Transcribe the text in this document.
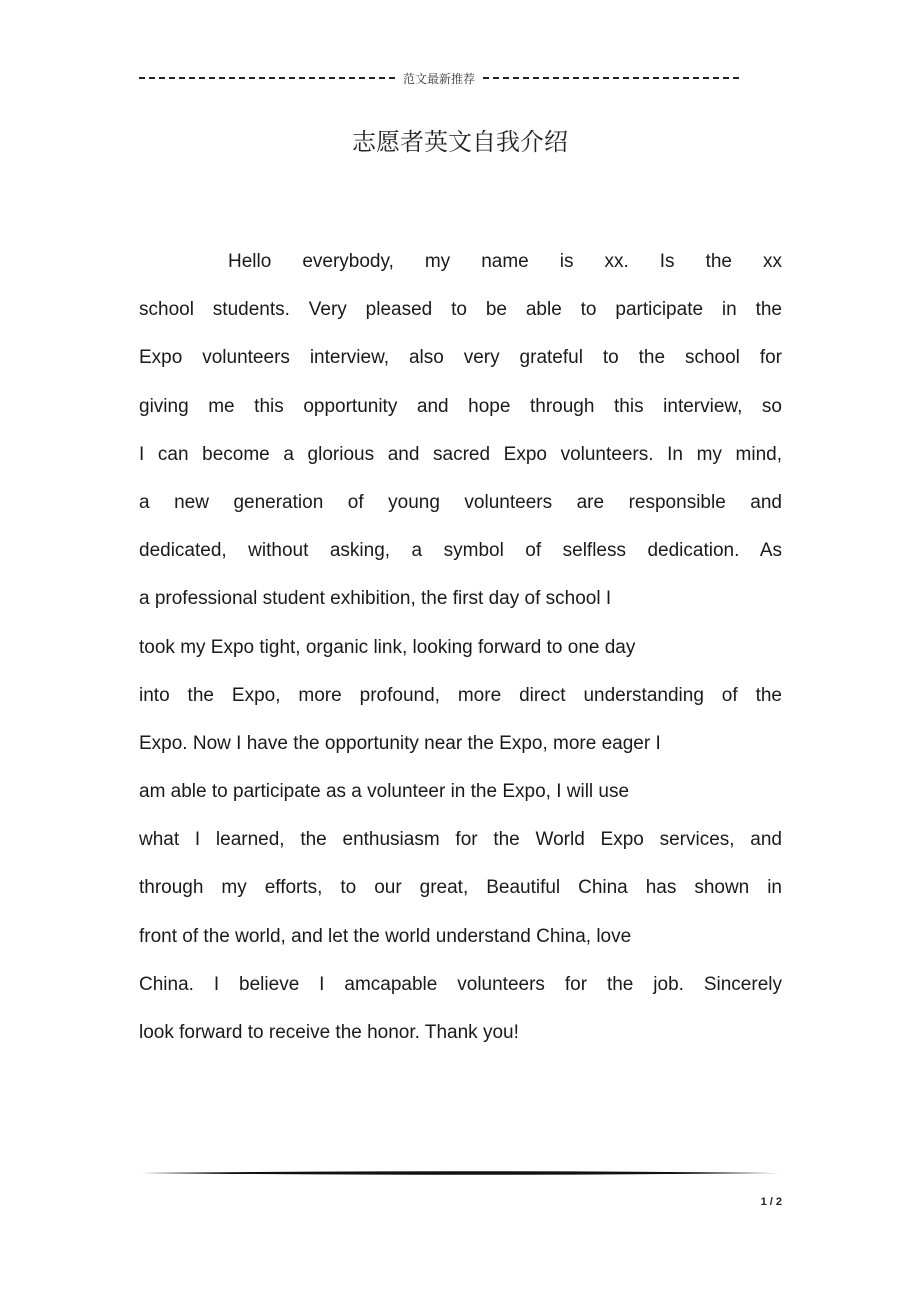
范文最新推荐
志愿者英文自我介绍
Hello everybody, my name is xx. Is the xx
school students. Very pleased to be able to participate in the
Expo volunteers interview, also very grateful to the school for
giving me this opportunity and hope through this interview, so
I can become a glorious and sacred Expo volunteers. In my mind,
a new generation of young volunteers are responsible and
dedicated, without asking, a symbol of selfless dedication. As
a professional student exhibition, the first day of school I
took my Expo tight, organic link, looking forward to one day
into the Expo, more profound, more direct understanding of the
Expo. Now I have the opportunity near the Expo, more eager I
am able to participate as a volunteer in the Expo, I will use
what I learned, the enthusiasm for the World Expo services, and
through my efforts, to our great, Beautiful China has shown in
front of the world, and let the world understand China, love
China. I believe I amcapable volunteers for the job. Sincerely
look forward to receive the honor. Thank you!
1 / 2
